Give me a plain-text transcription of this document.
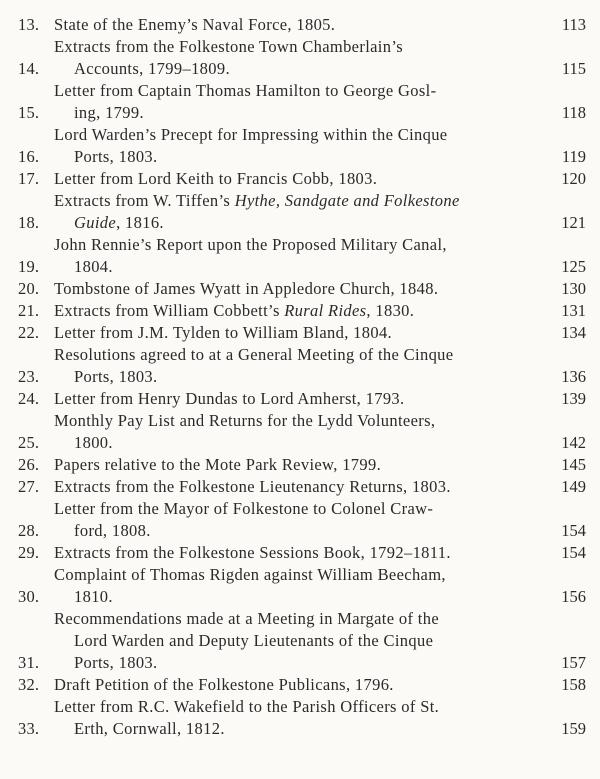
13. State of the Enemy’s Naval Force, 1805.	113
14.
Extracts from the Folkestone Town Chamberlain’s
Accounts, 1799–1809.	115
15.
Letter from Captain Thomas Hamilton to George Gosl-
ing, 1799.	118
16.
Lord Warden’s Precept for Impressing within the Cinque
Ports, 1803.	119
17. Letter from Lord Keith to Francis Cobb, 1803.	120
18.
Extracts from W. Tiffen’s Hythe, Sandgate and Folkestone
Guide, 1816.	121
19.
John Rennie’s Report upon the Proposed Military Canal,
1804.	125
20. Tombstone of James Wyatt in Appledore Church, 1848.	130
21. Extracts from William Cobbett’s Rural Rides, 1830.	131
22. Letter from J.M. Tylden to William Bland, 1804.	134
23.
Resolutions agreed to at a General Meeting of the Cinque
Ports, 1803.	136
24. Letter from Henry Dundas to Lord Amherst, 1793.	139
25.
Monthly Pay List and Returns for the Lydd Volunteers,
1800.	142
26. Papers relative to the Mote Park Review, 1799.	145
27. Extracts from the Folkestone Lieutenancy Returns, 1803.	149
28.
Letter from the Mayor of Folkestone to Colonel Craw-
ford, 1808.	154
29. Extracts from the Folkestone Sessions Book, 1792–1811.	154
30.
Complaint of Thomas Rigden against William Beecham,
1810.	156
31.
Recommendations made at a Meeting in Margate of the
Lord Warden and Deputy Lieutenants of the Cinque
Ports, 1803.	157
32. Draft Petition of the Folkestone Publicans, 1796.	158
33.
Letter from R.C. Wakefield to the Parish Officers of St.
Erth, Cornwall, 1812.	159
